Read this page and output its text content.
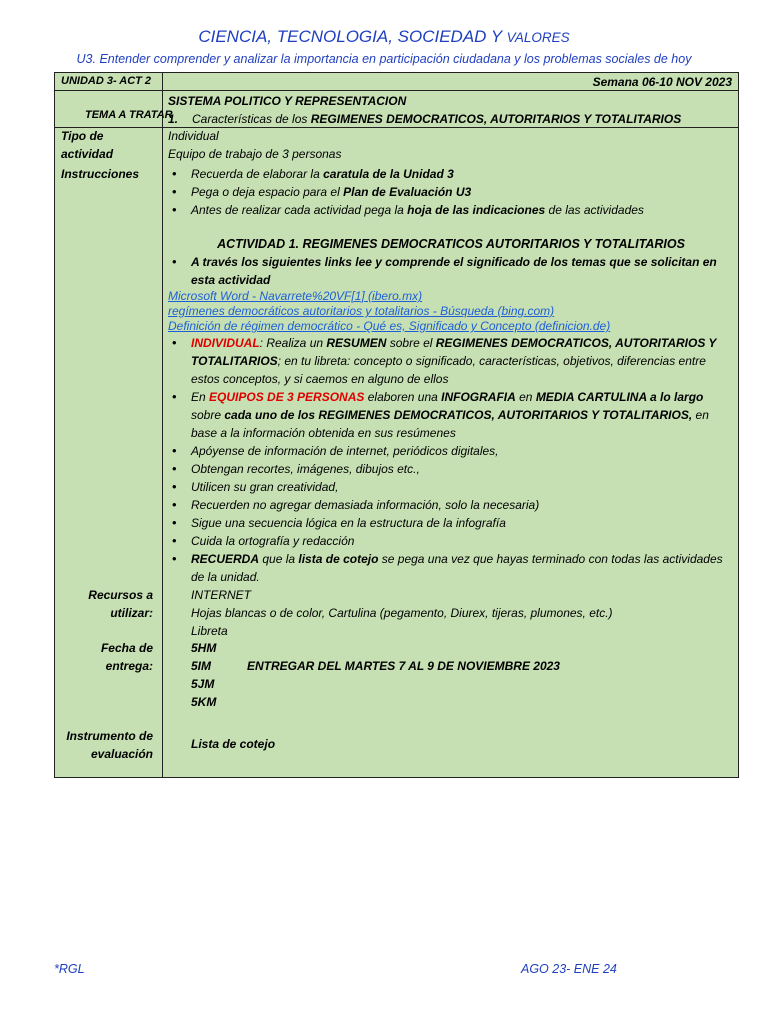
CIENCIA, TECNOLOGIA, SOCIEDAD Y VALORES
U3. Entender comprender y analizar la importancia en participación ciudadana y los problemas sociales de hoy
UNIDAD 3- ACT 2	Semana 06-10 NOV 2023
TEMA A TRATAR
SISTEMA POLITICO Y REPRESENTACION
1. Características de los REGIMENES DEMOCRATICOS, AUTORITARIOS Y TOTALITARIOS
Tipo de
actividad
Individual
Equipo de trabajo de 3 personas
Instrucciones
•	Recuerda de elaborar la caratula de la Unidad 3
• Pega o deja espacio para el Plan de Evaluación U3
• Antes de realizar cada actividad pega la hoja de las indicaciones de las actividades
ACTIVIDAD 1. REGIMENES DEMOCRATICOS AUTORITARIOS Y TOTALITARIOS
• A través los siguientes links lee y comprende el significado de los temas que se solicitan en esta actividad
Microsoft Word - Navarrete%20VF[1] (ibero.mx)
regímenes democráticos autoritarios y totalitarios - Búsqueda (bing.com)
Definición de régimen democrático - Qué es, Significado y Concepto (definicion.de)
• INDIVIDUAL: Realiza un RESUMEN sobre el REGIMENES DEMOCRATICOS, AUTORITARIOS Y TOTALITARIOS; en tu libreta: concepto o significado, características, objetivos, diferencias entre estos conceptos, y si caemos en alguno de ellos
• En EQUIPOS DE 3 PERSONAS elaboren una INFOGRAFIA en MEDIA CARTULINA a lo largo sobre cada uno de los REGIMENES DEMOCRATICOS, AUTORITARIOS Y TOTALITARIOS, en base a la información obtenida en sus resúmenes
• Apóyense de información de internet, periódicos digitales,
• Obtengan recortes, imágenes, dibujos etc.,
• Utilicen su gran creatividad,
• Recuerden no agregar demasiada información, solo la necesaria)
• Sigue una secuencia lógica en la estructura de la infografía
• Cuida la ortografía y redacción
• RECUERDA que la lista de cotejo se pega una vez que hayas terminado con todas las actividades de la unidad.
Recursos a
utilizar:
INTERNET
Hojas blancas o de color, Cartulina (pegamento, Diurex, tijeras, plumones, etc.)
Libreta
Fecha de
entrega:
5HM
5IM	ENTREGAR DEL MARTES 7 AL 9 DE NOVIEMBRE 2023
5JM
5KM
Instrumento de
evaluación
Lista de cotejo
*RGL	AGO 23- ENE 24
